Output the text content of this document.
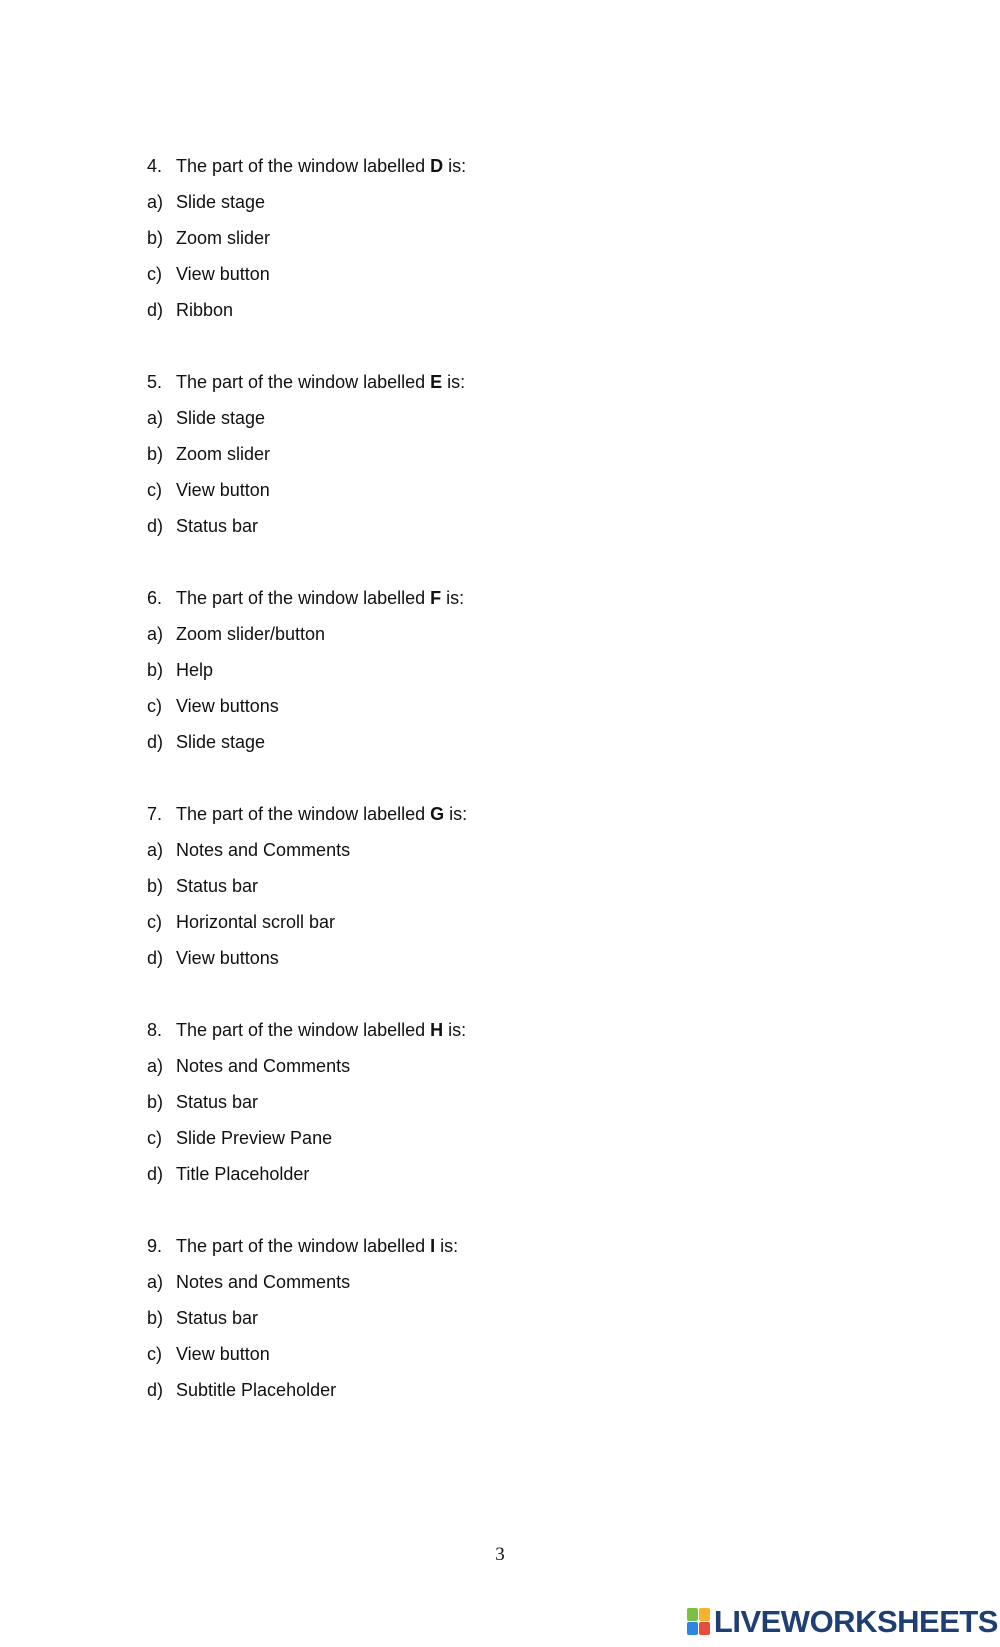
4. The part of the window labelled D is:
a) Slide stage
b) Zoom slider
c) View button
d) Ribbon
5. The part of the window labelled E is:
a) Slide stage
b) Zoom slider
c) View button
d) Status bar
6. The part of the window labelled F is:
a) Zoom slider/button
b) Help
c) View buttons
d) Slide stage
7. The part of the window labelled G is:
a) Notes and Comments
b) Status bar
c) Horizontal scroll bar
d) View buttons
8. The part of the window labelled H is:
a) Notes and Comments
b) Status bar
c) Slide Preview Pane
d) Title Placeholder
9. The part of the window labelled I is:
a) Notes and Comments
b) Status bar
c) View button
d) Subtitle Placeholder
3
LIVEWORKSHEETS
